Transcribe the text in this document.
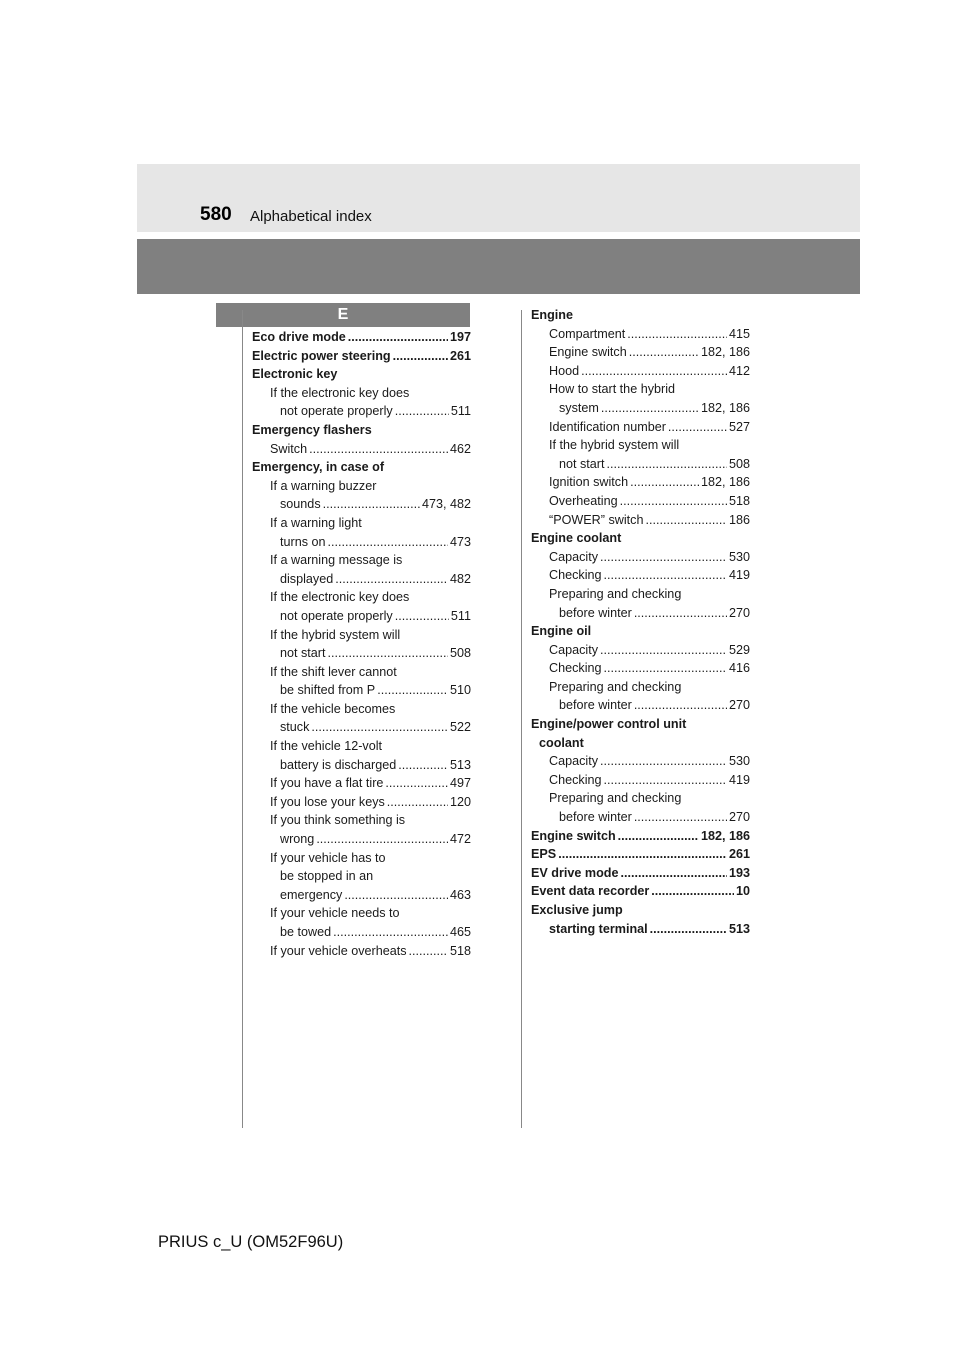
580 Alphabetical index
E
Eco drive mode .....	197
Electric power steering .....	261
Electronic key
If the electronic key does
not operate properly .....	511
Emergency flashers
Switch .....	462
Emergency, in case of
If a warning buzzer
sounds .....	473, 482
If a warning light
turns on .....	473
If a warning message is
displayed .....	482
If the electronic key does
not operate properly .....	511
If the hybrid system will
not start .....	508
If the shift lever cannot
be shifted from P .....	510
If the vehicle becomes
stuck .....	522
If the vehicle 12-volt
battery is discharged .....	513
If you have a flat tire .....	497
If you lose your keys .....	120
If you think something is
wrong .....	472
If your vehicle has to
be stopped in an
emergency .....	463
If your vehicle needs to
be towed .....	465
If your vehicle overheats .....	518
Engine
Compartment .....	415
Engine switch .....	182, 186
Hood .....	412
How to start the hybrid
system .....	182, 186
Identification number .....	527
If the hybrid system will
not start .....	508
Ignition switch .....	182, 186
Overheating .....	518
“POWER” switch .....	186
Engine coolant
Capacity .....	530
Checking .....	419
Preparing and checking
before winter .....	270
Engine oil
Capacity .....	529
Checking .....	416
Preparing and checking
before winter .....	270
Engine/power control unit
coolant
Capacity .....	530
Checking .....	419
Preparing and checking
before winter .....	270
Engine switch .....	182, 186
EPS .....	261
EV drive mode .....	193
Event data recorder .....	10
Exclusive jump
starting terminal .....	513
PRIUS c_U (OM52F96U)
